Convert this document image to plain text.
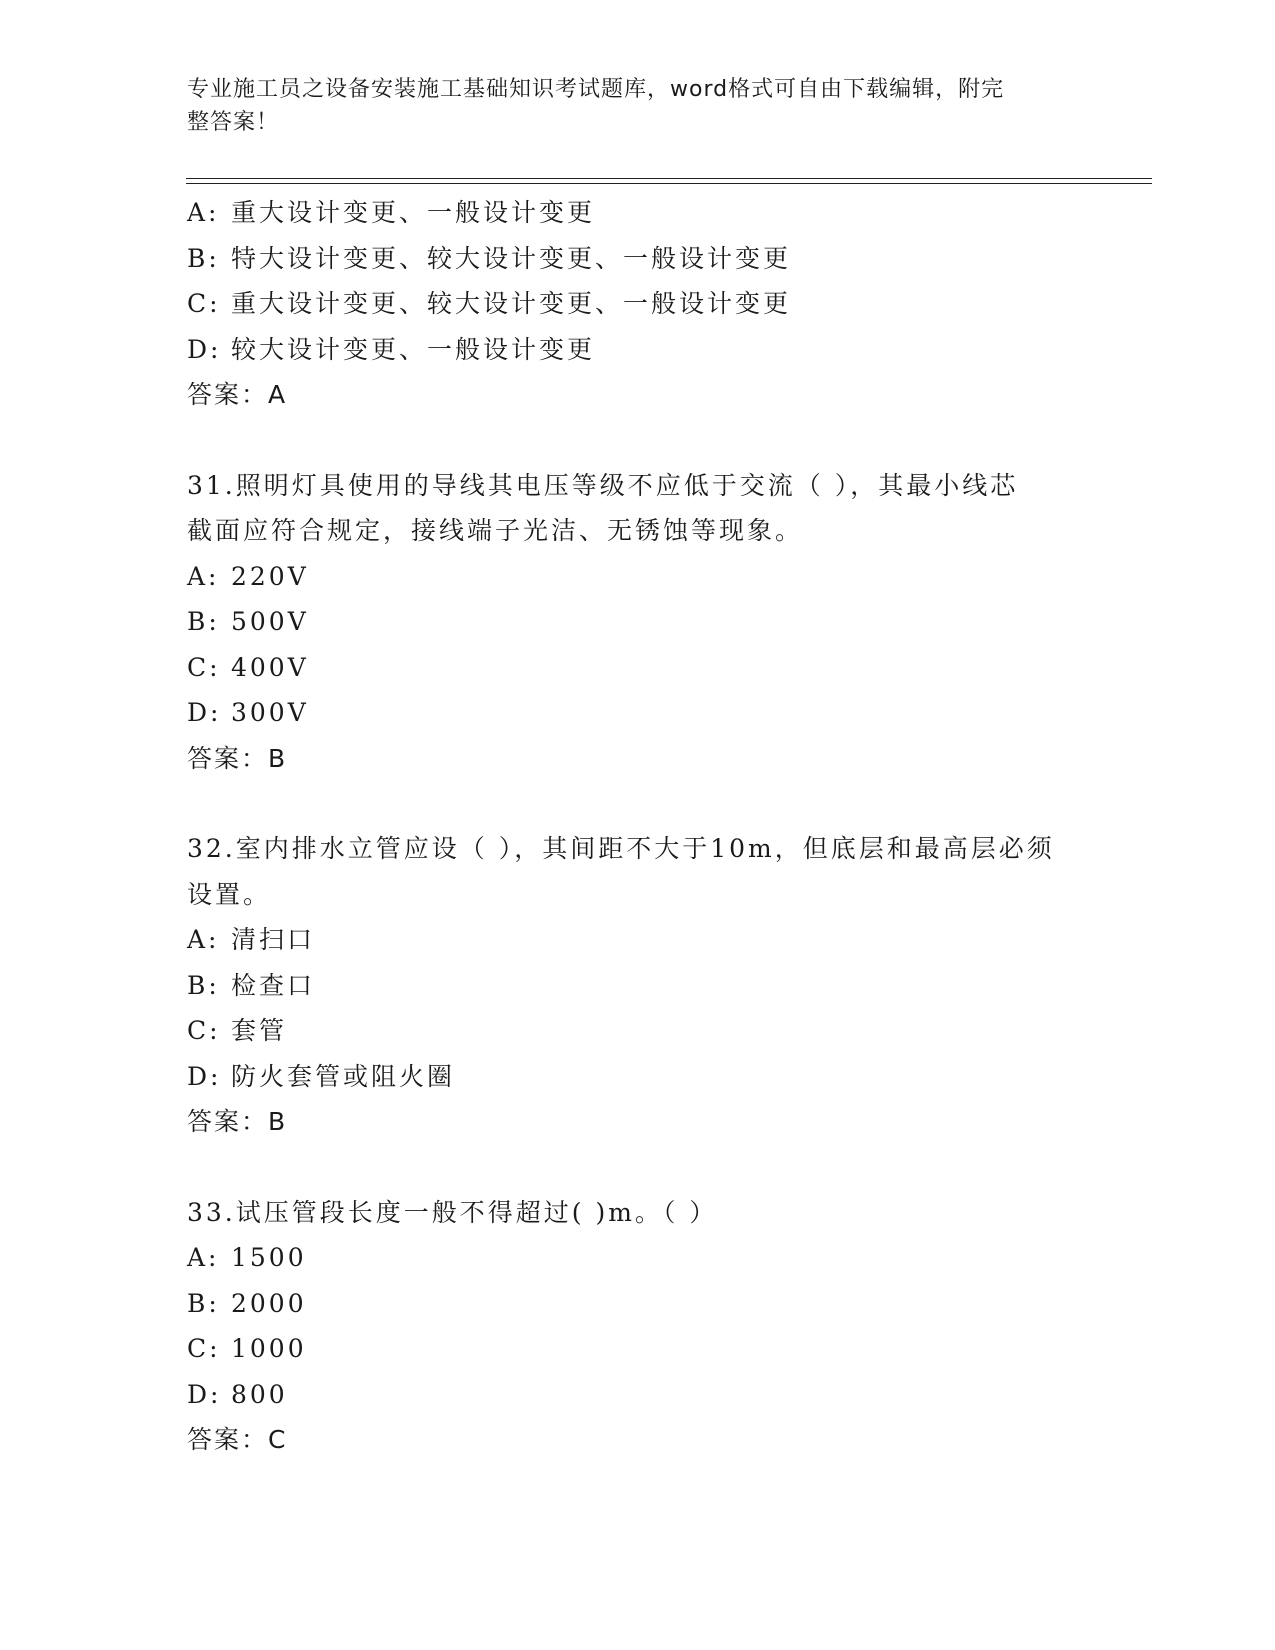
专业施工员之设备安装施工基础知识考试题库，word格式可自由下载编辑，附完
整答案！
A: 重大设计变更、一般设计变更
B: 特大设计变更、较大设计变更、一般设计变更
C: 重大设计变更、较大设计变更、一般设计变更
D: 较大设计变更、一般设计变更
答案：A
31.照明灯具使用的导线其电压等级不应低于交流（ ），其最小线芯
截面应符合规定，接线端子光洁、无锈蚀等现象。
A: 220V
B: 500V
C: 400V
D: 300V
答案：B
32.室内排水立管应设（ ），其间距不大于10m，但底层和最高层必须
设置。
A: 清扫口
B: 检查口
C: 套管
D: 防火套管或阻火圈
答案：B
33.试压管段长度一般不得超过( )m。（ ）
A: 1500
B: 2000
C: 1000
D: 800
答案：C
